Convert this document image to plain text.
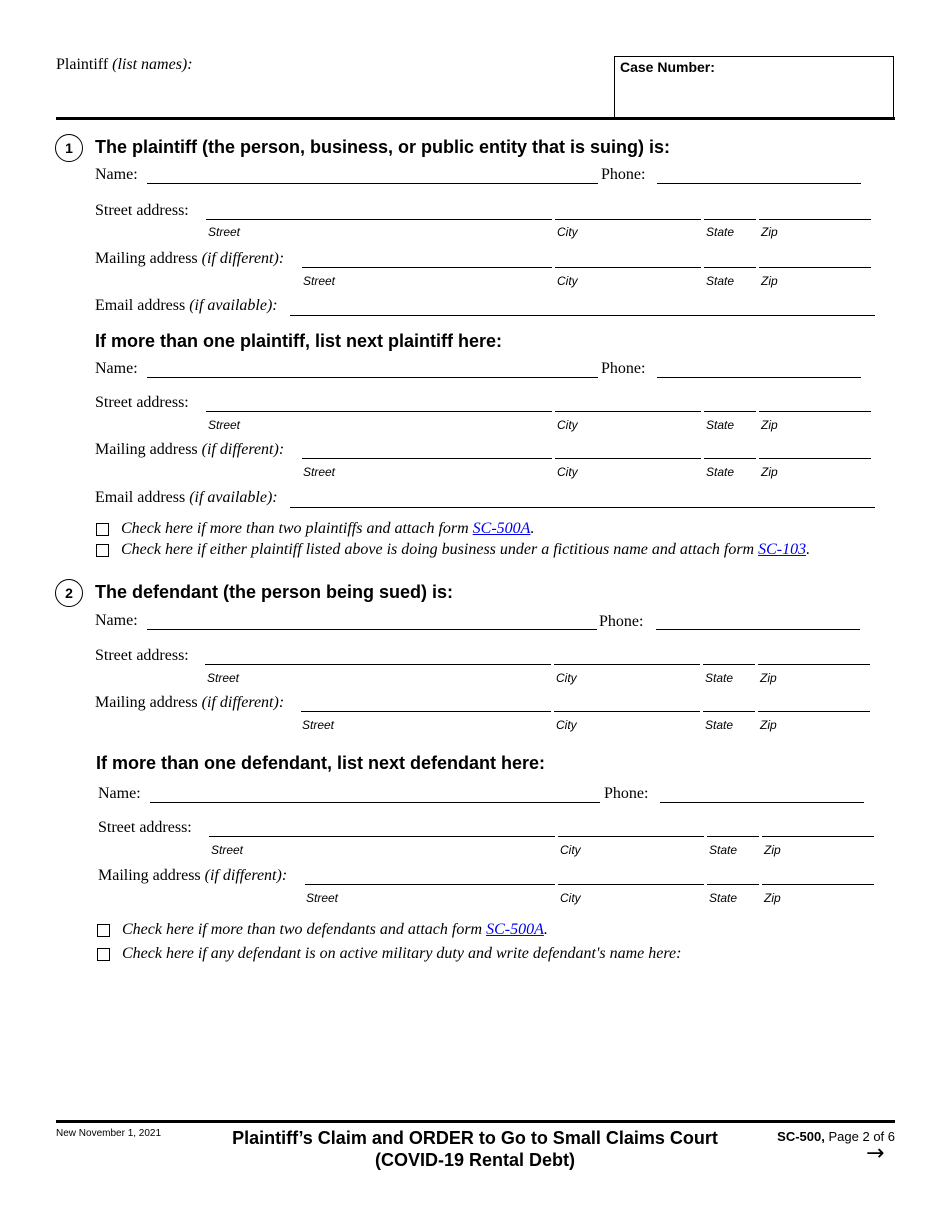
Plaintiff (list names):	Case Number:
1	The plaintiff (the person, business, or public entity that is suing) is:
Name:	Phone:
Street address:
Street	City	State Zip
Mailing address (if different):
Street	City	State Zip
Email address (if available):
If more than one plaintiff, list next plaintiff here:
Name:	Phone:
Street address:
Street	City	State Zip
Mailing address (if different):
Street	City	State Zip
Email address (if available):
Check here if more than two plaintiffs and attach form SC-500A.
Check here if either plaintiff listed above is doing business under a fictitious name and attach form SC-103.
2	The defendant (the person being sued) is:
Name:	Phone:
Street address:
Street	City	State Zip
Mailing address (if different):
Street	City	State Zip
If more than one defendant, list next defendant here:
Name:	Phone:
Street address:
Street	City	State Zip
Mailing address (if different):
Street	City	State Zip
Check here if more than two defendants and attach form SC-500A.
Check here if any defendant is on active military duty and write defendant's name here:
New November 1, 2021	Plaintiff’s Claim and ORDER to Go to Small Claims Court
(COVID-19 Rental Debt)
SC-500, Page 2 of 6
→
